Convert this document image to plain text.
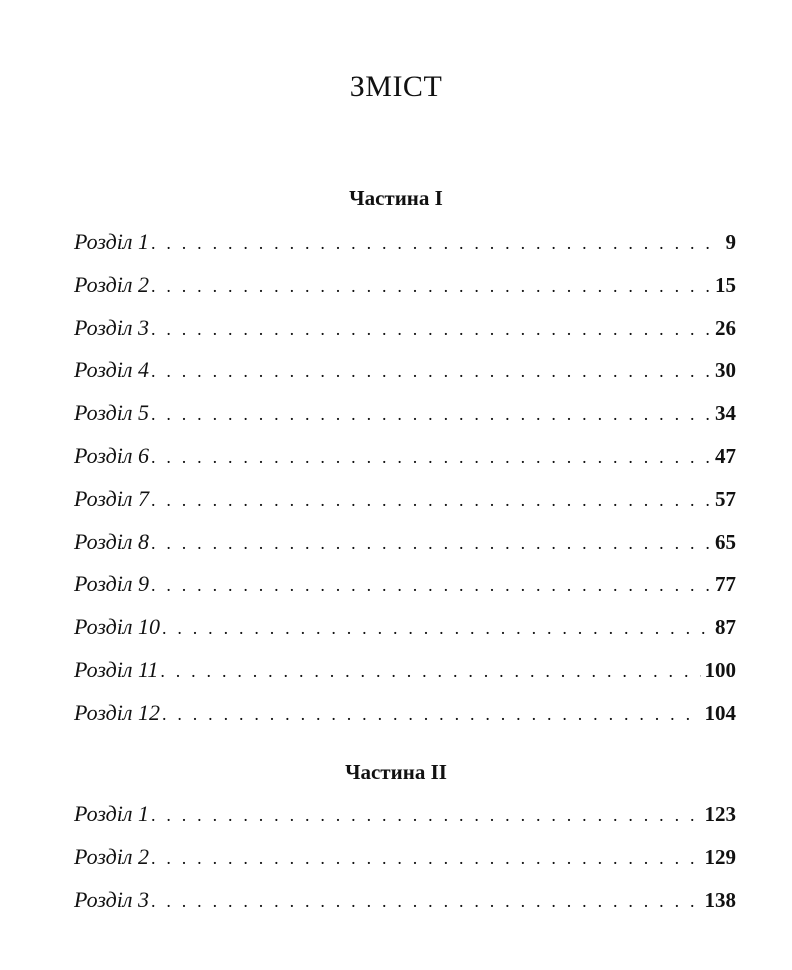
ЗМІСТ
Частина І
Розділ 1 . . .	9
Розділ 2 . . .	15
Розділ 3 . . .	26
Розділ 4 . . .	30
Розділ 5 . . .	34
Розділ 6 . . .	47
Розділ 7 . . .	57
Розділ 8 . . .	65
Розділ 9 . . .	77
Розділ 10 . . .	87
Розділ 11 . . .	100
Розділ 12 . . .	104
Частина ІІ
Розділ 1 . . .	123
Розділ 2 . . .	129
Розділ 3 . . .	138
